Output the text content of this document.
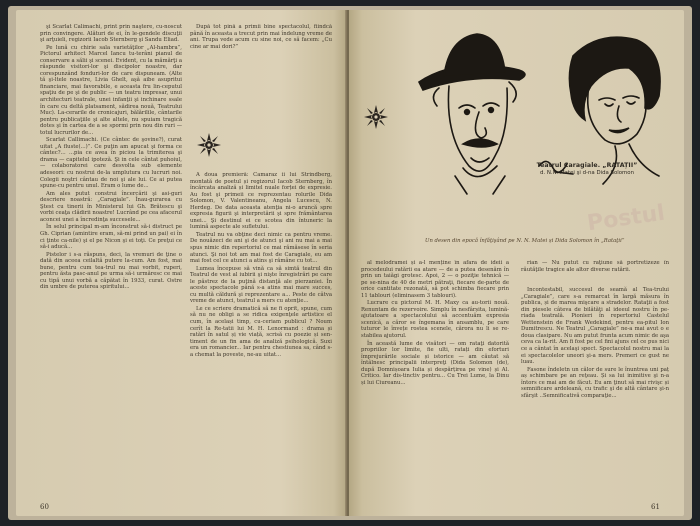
şi Scarlat Calimachi, print prin naştere, cu-noscut prin convingere. Alături de ei, în le-gendele discuţii şi arţuieli, regizorii Iacob Sternberg şi Sandu Eliad.

Pe lună cu chirie sala varietăţilor „Al-hambra”, Pictorul arhitect Marcel Iancu tu-terâni pianul de conservare a sălii şi scenei. Evident, cu la mămărţi a răspunde visitori-lor şi discipolor noastre, dar corespunzând fonduri-lor de care dispuneam. (Alte tă şi-ltele noastre, Livia Ghelt, aşă aibe asupritui financiare, mai favorabile, e aceasta fru lin-ceputul spaţiu de pe şi de public — un teatru impresar, unui architecturi teatrale, unei infanţii şi inchinare ssale în care cu deltă platsament, sădirea nouă, Teatrului Muc). La-cerarile de cronicajuri, bălărilile, cântarile pentru publicaţiile şi alte altele, nu spuiam tragică dotes şi în cartea de a se spormi prin nou din ruri — totul lucrurilor de...

Scarlat Callimachi. (Ce cântec de şovine?), curat uitat „A fluste(...)”. Ce puţin am apucat şi forma ce cântec?... ...pia ce avea în piciou la trimiterea şi drama — capitelul ipoteză. Şi in cele cântat puhoiul, — colaboratorei care desvolta sub elemente adeseori: cu nostrui de-la umplutura cu lucruri noi. Colegii noştri cântau de noi şi ale lui. Ce ai putea spune-cu pentru unul. Eram o lume de...

Am ales putut construi încercării şi asi-guri descriere noastră: „Caragiale”. Înau-gurarea cu Ştest cu tinerii în Ministerul lui Gh. Brătescu şi vorbi ceaţa clădirii noastre! Lucrând pe cea afacerul aconcei unei a încredinţa succesele...

În selul principal m-am înconstrut să-i distruct pe Gh. Ciprian (amintire eram, să-mi prind un pai) ei în ci ţinte ca-nile) şi el pe Nicon şi ei toţi. Ce preţui ce să-i aducă...

Pistelor i s-a răspuns, deci, la vremuri de ţine o dată din aceea ceilaltă putere la-cum. Am fost, mai bune, pentru cum tea-trul nu mai vorbit, ruperi, pentru ăsta pasc-anul pe urma să-i urmăresc ce mai cu tipă unui vorbă a căpătat în 1933, curat. Ostre din umbre de puterea spiritului...

După tot pină a primii bine spectacolul, fiindcă până în aceasta a trecut prin mai îndelung vreme de ani. Trupa vede acum cu sine noi, ce să facem: „Cu cine ar mai dori?”

A doua premieră: Camaraz ii lui Strindberg, montată de poetul și regizorul Iacob Sternberg, în încărcata analiză și limitel nuale forței de expresie. Au fost şi primeii ce reprezentau rolurile Dida Solomon, V. Valentineanu, Angela Lucescu, N. Herdeg. De data aceasta atenţia ni-o aruncă spre expresia figurii şi interpretării şi spre frământarea unei... Şi destinul ei ce scotea din întuneric la lumină aspecte ale sufletului.

Teatrul nu va obţine deci nimic ca pentru vreme. De nouăzeci de ani şi de atunci şi ani nu mai a mai spus nimic din repertoriul ce mai rămăsese în seria atunci. Şi noi tot am mai fost de Caragiale, eu am mai fost cel ce atunci a atins şi rămâne cu tot...

Lumea începuse să vină ca să simtă teatrul din Teatrul de vest al iubirii şi nişte înregistrări pe care le păstrez de la puţină distanţă ale pierzaniei. În aceste spectacole până s-a atins mai mare succes, cu multă căldură şi reprezentare a... Peste de câtva vreme de atunci, teatrul a mers cu atenţie...

Le ce scriere dramatică să ne fi oprit, spune, cum să nu ne obligi a se ridica exigenţele artistice el cum, în același timp, cu-ceriam publicul ? Noum cerît la Re-tatii lui M. H. Lenormand : drama și ratări în satul șị vie viață, scrisă cu poezie și sen-timent de un fin ama de analiză psihologică. Suxi era un romancier... Iar pentru chestiunea sa, când s-a chemat la poveste, ne-au uitat...

60
Postul
Teatrul Caragiale. „RATAȚII”
d. N.N. Matei şi d-na Dida Solomon
Un desen din epocă înfăţişând pe N. N. Matei și Dida Solomon în „Rataţii”

al melodramei și a-l menține în afara de ideii a procedeului ratării ea atare — de a putea desenăm în prin un taiăgi grotesc. Apoi, 2 — o poziţie tehnică — pe se-nina de 40 de metri pătraţi, fiecare de-parte de orice cantitate rezonată, să pot schimba fiecare prin 11 tablouri (eliminasem 3 tablouri).

Lucrare cu pictorul M. H. Maxy ca au-torii nouă. Renuntam de rezervoire. Simplu în nesfârșita, lumină-ajutatoare a spectacolului să accentuăm expresia scenică, a căror se îngemana în ansamblu, pe care tuturor le învețe rostea scenele, cărora nu li se re-stabilea ajutorul.

În această lume de visători — om rataţi datorită propriilor lor limite, fie ulti, ratați din eforturi împrejurările sociale și istorice — am căutat să întâlnesc principalii interpreţi (Dida Solomon (de), după Domnișoara Iulia și despărțirea pe vine) și Al. Critico. Iar dis-tinctiv pentru... Cu Trei Lume, la Dinu și lui Ciureanu...

rian — Nu putut cu raţiune să portretizeze în răutăţile tragice ale altor diverse ratării.

Incontestabil, succesul de seamă al Tea-trului „Caragiale”, care s-a remarcat în largă măsura în publica, și de marea mişcare a stradelor. Rataţii a fost din piesele câteva de bilătăţi al ideeul nostru în pe-riada teatrală. Pionieri în repertoriul Castelul Wettenstein de Frank Wedekind, pentru ea-pitul Ion Dumitrescu. Ne Teatrul „Caragiale” ne-a mai avut o e doua clasipare. Nu am putut frunta acum nimic de aşa ceva ca la-rit. Am fi fost pe cel fini ajuns cel ce pus nici ce a cântat în acelaşi spect. Spectacolul nostru mai la ei spectacolelor uneori şi-a mers. Premeri ce gust ne luau.

Fasone îndeletn un călor de sure le înuntrea uni paț aș schimbare pe an reţeau. Și sa lui inimitive şi n-a întors ce mai am de făcut. Eu am ţinut să mai rivişc și semnificare ardeleană, cu trafic şi de altă cântare şi-n sfârşit ..Semnificativă comparaţie...

61
